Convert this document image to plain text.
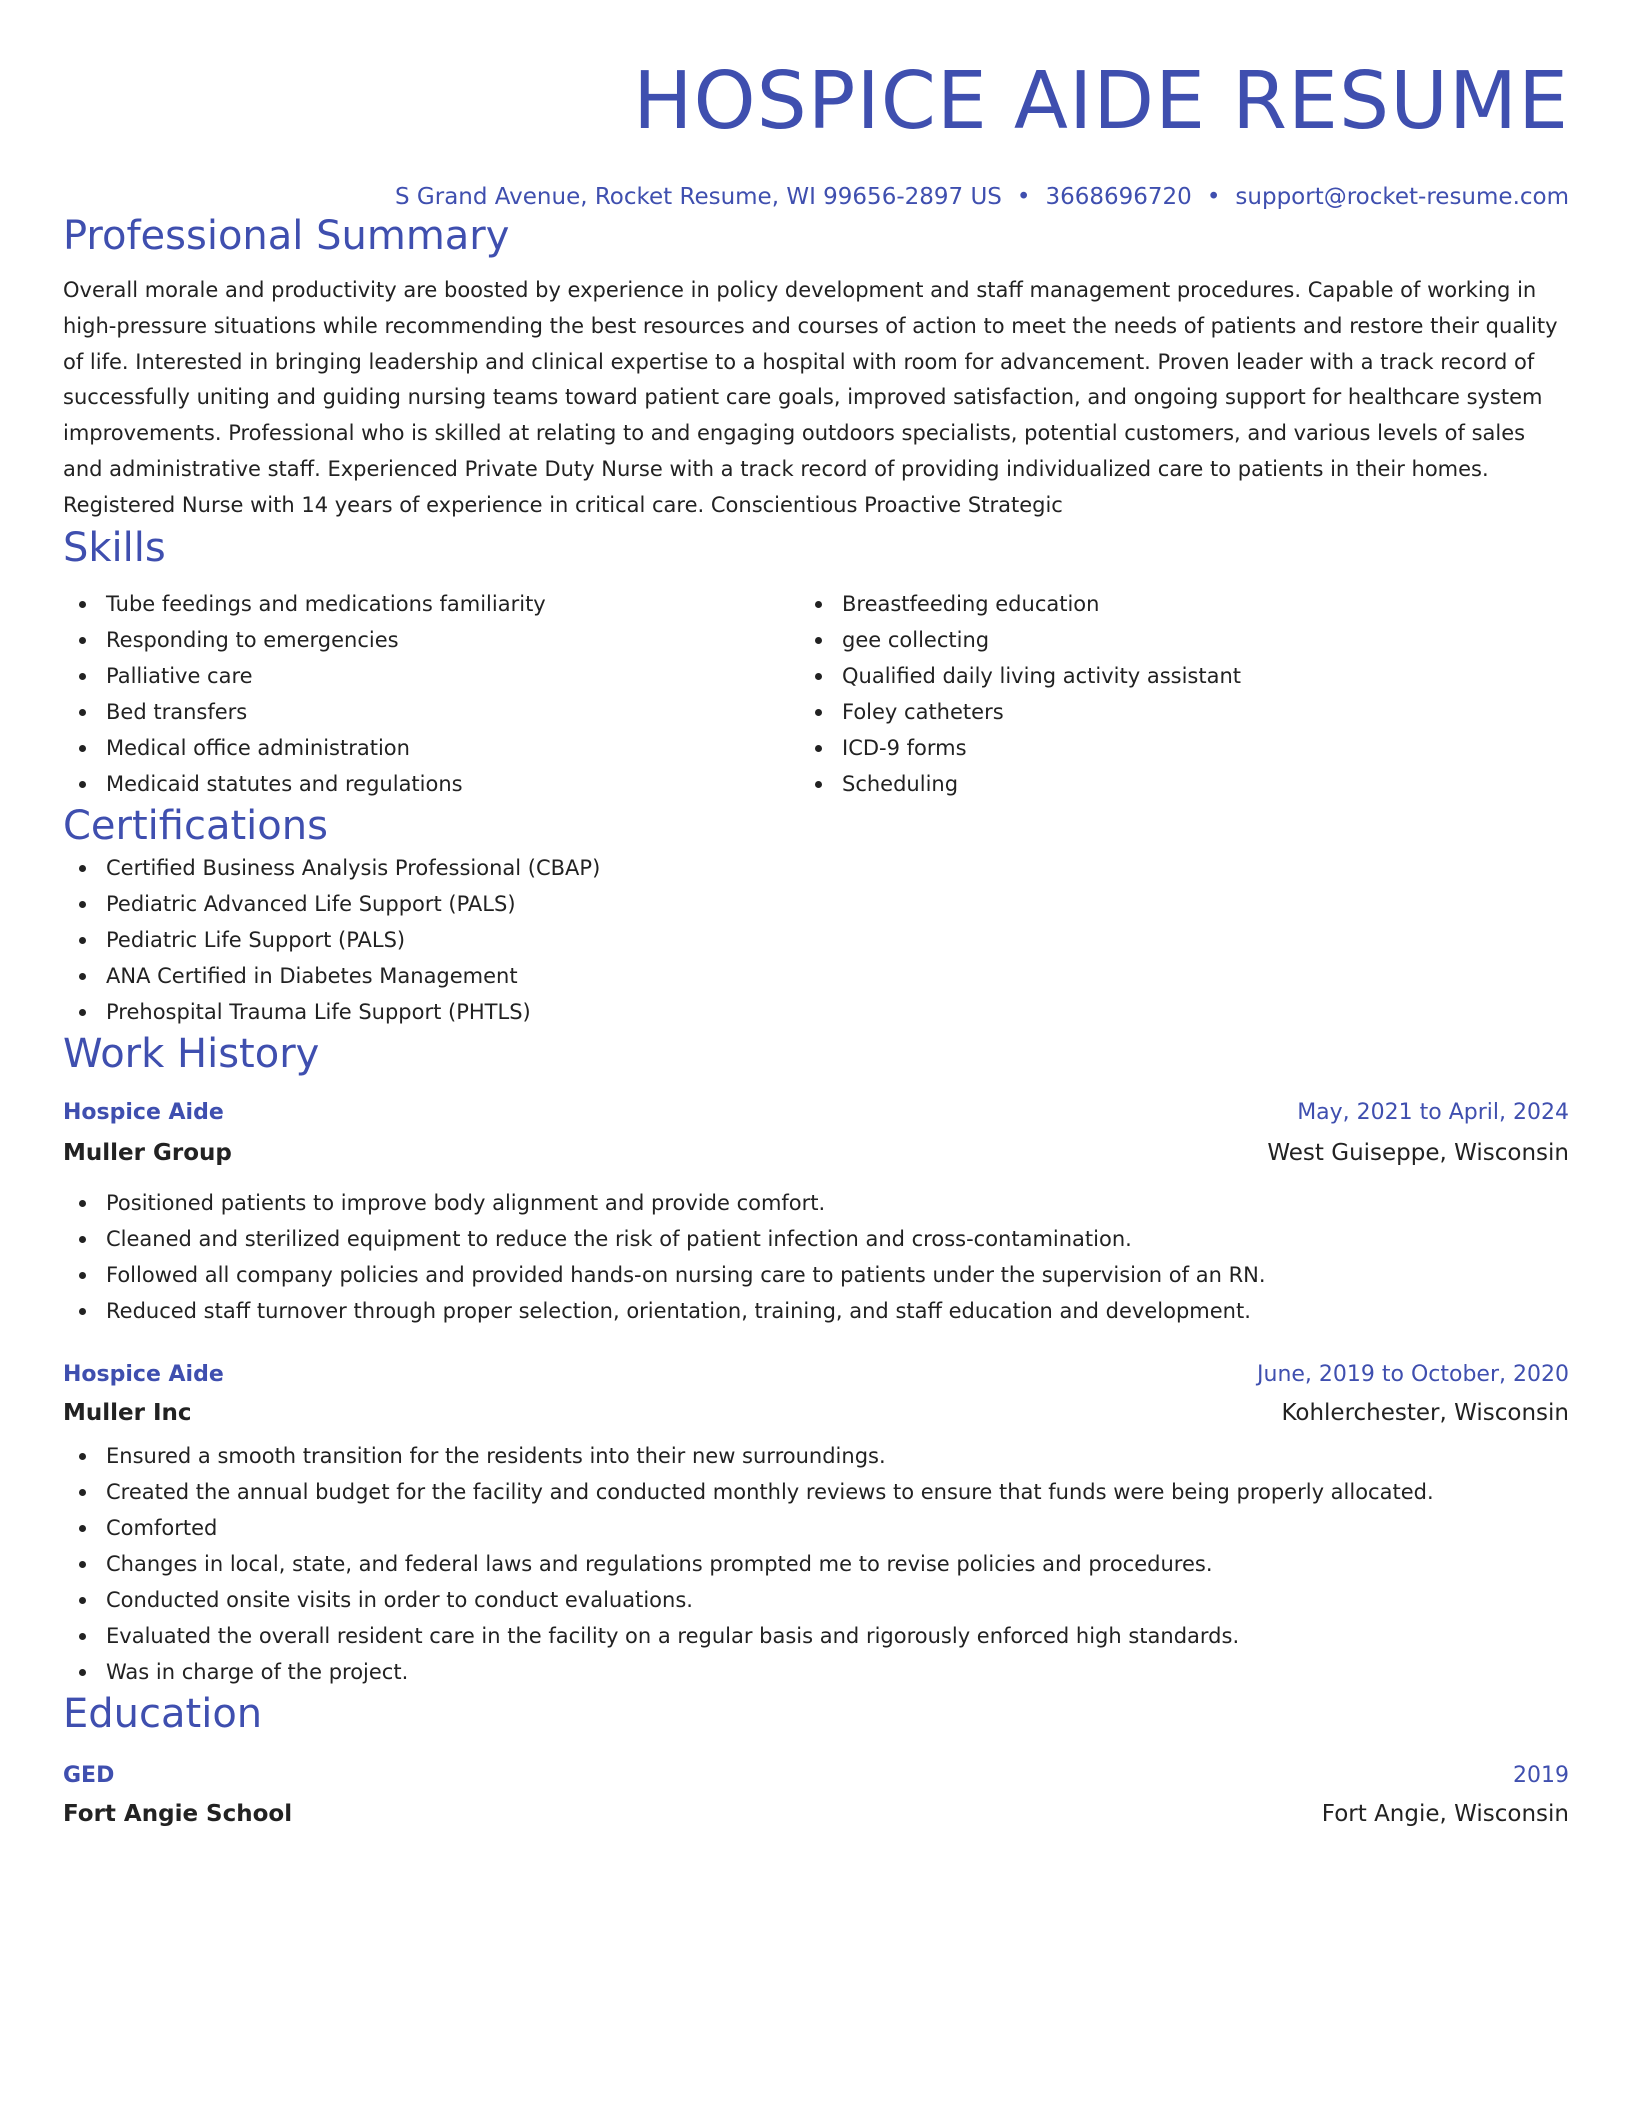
HOSPICE AIDE RESUME
S Grand Avenue, Rocket Resume, WI 99656-2897 US • 3668696720 • support@rocket-resume.com
Professional Summary

Overall morale and productivity are boosted by experience in policy development and staff management procedures. Capable of working in high-pressure situations while recommending the best resources and courses of action to meet the needs of patients and restore their quality of life. Interested in bringing leadership and clinical expertise to a hospital with room for advancement. Proven leader with a track record of successfully uniting and guiding nursing teams toward patient care goals, improved satisfaction, and ongoing support for healthcare system improvements. Professional who is skilled at relating to and engaging outdoors specialists, potential customers, and various levels of sales and administrative staff. Experienced Private Duty Nurse with a track record of providing individualized care to patients in their homes. Registered Nurse with 14 years of experience in critical care. Conscientious Proactive Strategic

Skills
Tube feedings and medications familiarity
Responding to emergencies
Palliative care
Bed transfers
Medical office administration
Medicaid statutes and regulations
Breastfeeding education
gee collecting
Qualified daily living activity assistant
Foley catheters
ICD-9 forms
Scheduling
Certifications
Certified Business Analysis Professional (CBAP)
Pediatric Advanced Life Support (PALS)
Pediatric Life Support (PALS)
ANA Certified in Diabetes Management
Prehospital Trauma Life Support (PHTLS)
Work History
Hospice Aide	May, 2021 to April, 2024
Muller Group	West Guiseppe, Wisconsin
Positioned patients to improve body alignment and provide comfort.
Cleaned and sterilized equipment to reduce the risk of patient infection and cross-contamination.
Followed all company policies and provided hands-on nursing care to patients under the supervision of an RN.
Reduced staff turnover through proper selection, orientation, training, and staff education and development.
Hospice Aide	June, 2019 to October, 2020
Muller Inc	Kohlerchester, Wisconsin
Ensured a smooth transition for the residents into their new surroundings.
Created the annual budget for the facility and conducted monthly reviews to ensure that funds were being properly allocated.
Comforted
Changes in local, state, and federal laws and regulations prompted me to revise policies and procedures.
Conducted onsite visits in order to conduct evaluations.
Evaluated the overall resident care in the facility on a regular basis and rigorously enforced high standards.
Was in charge of the project.
Education
GED	2019
Fort Angie School	Fort Angie, Wisconsin
